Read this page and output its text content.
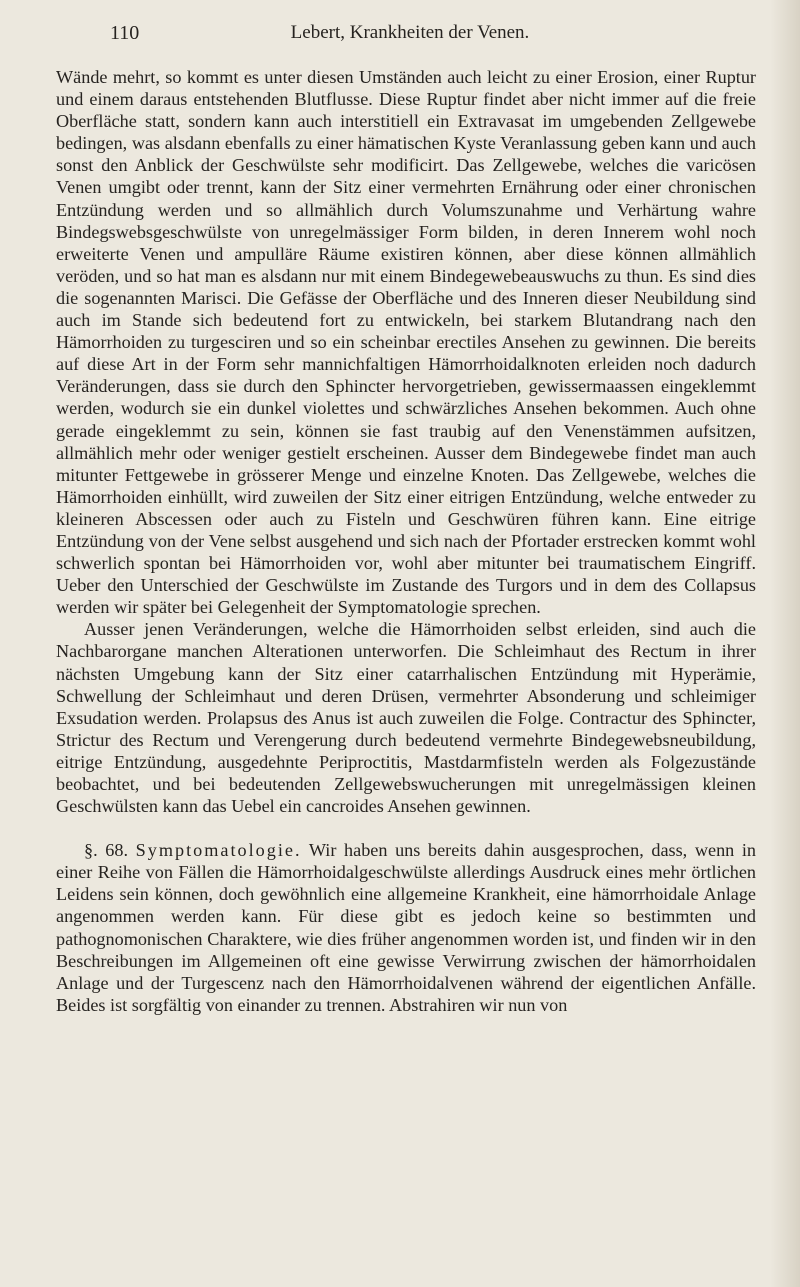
110	Lebert, Krankheiten der Venen.

Wände mehrt, so kommt es unter diesen Umständen auch leicht zu einer Erosion, einer Ruptur und einem daraus entstehenden Blutflusse. Diese Ruptur findet aber nicht immer auf die freie Oberfläche statt, sondern kann auch interstitiell ein Extravasat im umgebenden Zellgewebe bedingen, was alsdann ebenfalls zu einer hämatischen Kyste Veranlassung geben kann und auch sonst den Anblick der Geschwülste sehr modificirt. Das Zellgewebe, welches die varicösen Venen umgibt oder trennt, kann der Sitz einer vermehrten Ernährung oder einer chronischen Entzündung werden und so allmählich durch Volumszunahme und Verhärtung wahre Bindegswebsgeschwülste von unregelmässiger Form bilden, in deren Innerem wohl noch erweiterte Venen und ampulläre Räume existiren können, aber diese können allmählich veröden, und so hat man es alsdann nur mit einem Bindegewebeauswuchs zu thun. Es sind dies die sogenannten Marisci. Die Gefässe der Oberfläche und des Inneren dieser Neubildung sind auch im Stande sich bedeutend fort zu entwickeln, bei starkem Blutandrang nach den Hämorrhoiden zu turgesciren und so ein scheinbar erectiles Ansehen zu gewinnen. Die bereits auf diese Art in der Form sehr mannichfaltigen Hämorrhoidalknoten erleiden noch dadurch Veränderungen, dass sie durch den Sphincter hervorgetrieben, gewissermaassen eingeklemmt werden, wodurch sie ein dunkel violettes und schwärzliches Ansehen bekommen. Auch ohne gerade eingeklemmt zu sein, können sie fast traubig auf den Venenstämmen aufsitzen, allmählich mehr oder weniger gestielt erscheinen. Ausser dem Bindegewebe findet man auch mitunter Fettgewebe in grösserer Menge und einzelne Knoten. Das Zellgewebe, welches die Hämorrhoiden einhüllt, wird zuweilen der Sitz einer eitrigen Entzündung, welche entweder zu kleineren Abscessen oder auch zu Fisteln und Geschwüren führen kann. Eine eitrige Entzündung von der Vene selbst ausgehend und sich nach der Pfortader erstrecken kommt wohl schwerlich spontan bei Hämorrhoiden vor, wohl aber mitunter bei traumatischem Eingriff. Ueber den Unterschied der Geschwülste im Zustande des Turgors und in dem des Collapsus werden wir später bei Gelegenheit der Symptomatologie sprechen.

Ausser jenen Veränderungen, welche die Hämorrhoiden selbst erleiden, sind auch die Nachbarorgane manchen Alterationen unterworfen. Die Schleimhaut des Rectum in ihrer nächsten Umgebung kann der Sitz einer catarrhalischen Entzündung mit Hyperämie, Schwellung der Schleimhaut und deren Drüsen, vermehrter Absonderung und schleimiger Exsudation werden. Prolapsus des Anus ist auch zuweilen die Folge. Contractur des Sphincter, Strictur des Rectum und Verengerung durch bedeutend vermehrte Bindegewebsneubildung, eitrige Entzündung, ausgedehnte Periproctitis, Mastdarmfisteln werden als Folgezustände beobachtet, und bei bedeutenden Zellgewebswucherungen mit unregelmässigen kleinen Geschwülsten kann das Uebel ein cancroides Ansehen gewinnen.

§. 68. Symptomatologie. Wir haben uns bereits dahin ausgesprochen, dass, wenn in einer Reihe von Fällen die Hämorrhoidalgeschwülste allerdings Ausdruck eines mehr örtlichen Leidens sein können, doch gewöhnlich eine allgemeine Krankheit, eine hämorrhoidale Anlage angenommen werden kann. Für diese gibt es jedoch keine so bestimmten und pathognomonischen Charaktere, wie dies früher angenommen worden ist, und finden wir in den Beschreibungen im Allgemeinen oft eine gewisse Verwirrung zwischen der hämorrhoidalen Anlage und der Turgescenz nach den Hämorrhoidalvenen während der eigentlichen Anfälle. Beides ist sorgfältig von einander zu trennen. Abstrahiren wir nun von
